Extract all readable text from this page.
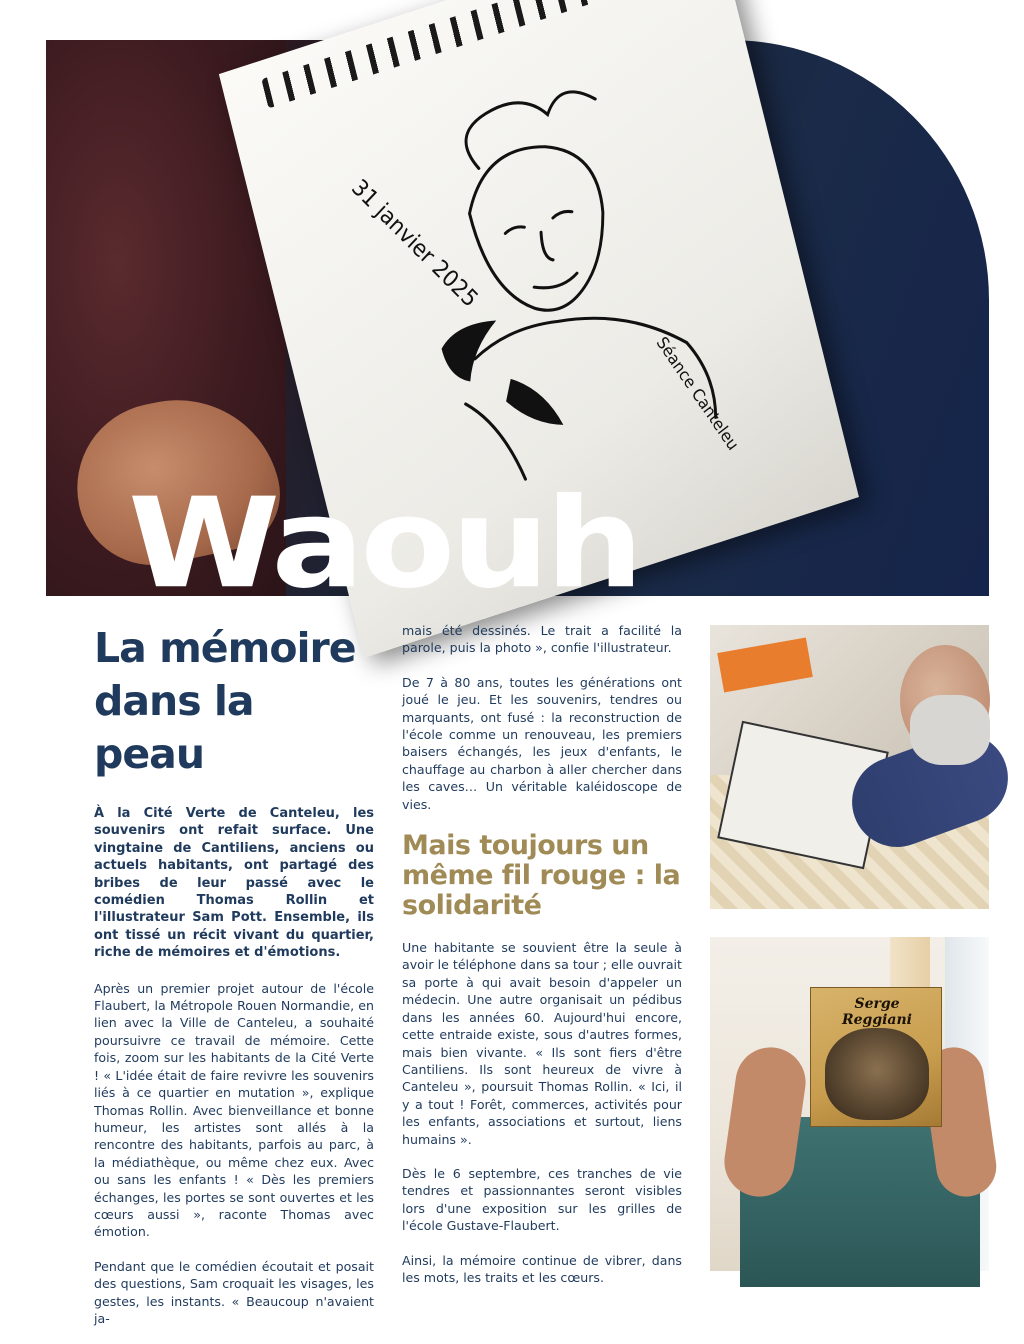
31 janvier 2025
Séance Canteleu
Waouh
La mémoire dans la peau

À la Cité Verte de Canteleu, les souvenirs ont refait surface. Une vingtaine de Cantiliens, anciens ou actuels habitants, ont partagé des bribes de leur passé avec le comédien Thomas Rollin et l'illustrateur Sam Pott. Ensemble, ils ont tissé un récit vivant du quartier, riche de mémoires et d'émotions.

Après un premier projet autour de l'école Flaubert, la Métropole Rouen Normandie, en lien avec la Ville de Canteleu, a souhaité poursuivre ce travail de mémoire. Cette fois, zoom sur les habitants de la Cité Verte ! « L'idée était de faire revivre les souvenirs liés à ce quartier en mutation », explique Thomas Rollin. Avec bienveillance et bonne humeur, les artistes sont allés à la rencontre des habitants, parfois au parc, à la médiathèque, ou même chez eux. Avec ou sans les enfants ! « Dès les premiers échanges, les portes se sont ouvertes et les cœurs aussi », raconte Thomas avec émotion.

Pendant que le comédien écoutait et posait des questions, Sam croquait les visages, les gestes, les instants. « Beaucoup n'avaient ja-

mais été dessinés. Le trait a facilité la parole, puis la photo », confie l'illustrateur.

De 7 à 80 ans, toutes les générations ont joué le jeu. Et les souvenirs, tendres ou marquants, ont fusé : la reconstruction de l'école comme un renouveau, les premiers baisers échangés, les jeux d'enfants, le chauffage au charbon à aller chercher dans les caves… Un véritable kaléidoscope de vies.

Mais toujours un même fil rouge : la solidarité

Une habitante se souvient être la seule à avoir le téléphone dans sa tour ; elle ouvrait sa porte à qui avait besoin d'appeler un médecin. Une autre organisait un pédibus dans les années 60. Aujourd'hui encore, cette entraide existe, sous d'autres formes, mais bien vivante. « Ils sont fiers d'être Cantiliens. Ils sont heureux de vivre à Canteleu », poursuit Thomas Rollin. « Ici, il y a tout ! Forêt, commerces, activités pour les enfants, associations et surtout, liens humains ».

Dès le 6 septembre, ces tranches de vie tendres et passionnantes seront visibles lors d'une exposition sur les grilles de l'école Gustave-Flaubert.

Ainsi, la mémoire continue de vibrer, dans les mots, les traits et les cœurs.

Serge Reggiani
